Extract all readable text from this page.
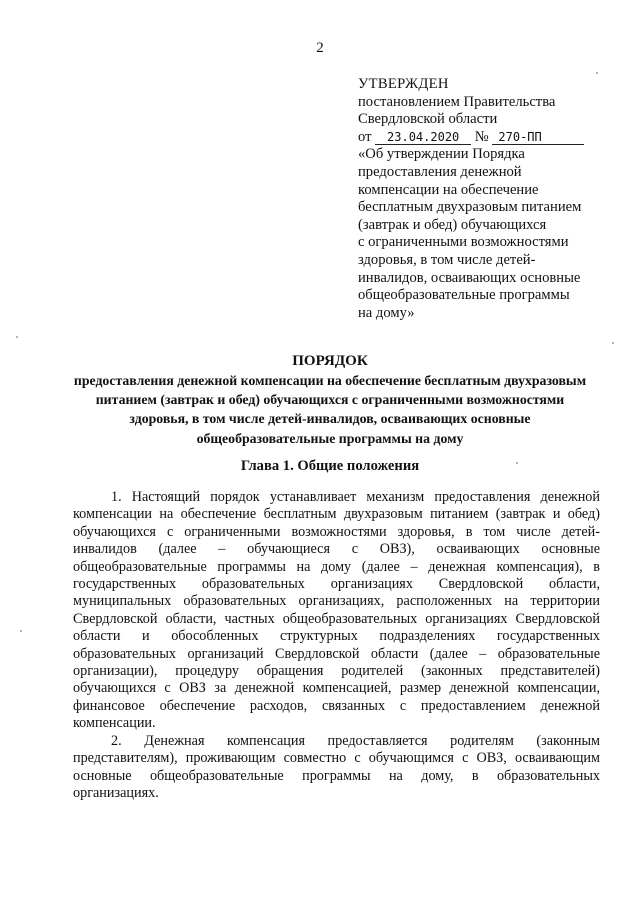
2
УТВЕРЖДЕН
постановлением Правительства
Свердловской области
от 23.04.2020 № 270-ПП
«Об утверждении Порядка
предоставления денежной
компенсации на обеспечение
бесплатным двухразовым питанием
(завтрак и обед) обучающихся
с ограниченными возможностями
здоровья, в том числе детей-
инвалидов, осваивающих основные
общеобразовательные программы
на дому»
ПОРЯДОК
предоставления денежной компенсации на обеспечение бесплатным двухразовым питанием (завтрак и обед) обучающихся с ограниченными возможностями здоровья, в том числе детей-инвалидов, осваивающих основные общеобразовательные программы на дому
Глава 1. Общие положения

1. Настоящий порядок устанавливает механизм предоставления денежной компенсации на обеспечение бесплатным двухразовым питанием (завтрак и обед) обучающихся с ограниченными возможностями здоровья, в том числе детей-инвалидов (далее – обучающиеся с ОВЗ), осваивающих основные общеобразовательные программы на дому (далее – денежная компенсация), в государственных образовательных организациях Свердловской области, муниципальных образовательных организациях, расположенных на территории Свердловской области, частных общеобразовательных организациях Свердловской области и обособленных структурных подразделениях государственных образовательных организаций Свердловской области (далее – образовательные организации), процедуру обращения родителей (законных представителей) обучающихся с ОВЗ за денежной компенсацией, размер денежной компенсации, финансовое обеспечение расходов, связанных с предоставлением денежной компенсации.

2. Денежная компенсация предоставляется родителям (законным представителям), проживающим совместно с обучающимся с ОВЗ, осваивающим основные общеобразовательные программы на дому, в образовательных организациях.
